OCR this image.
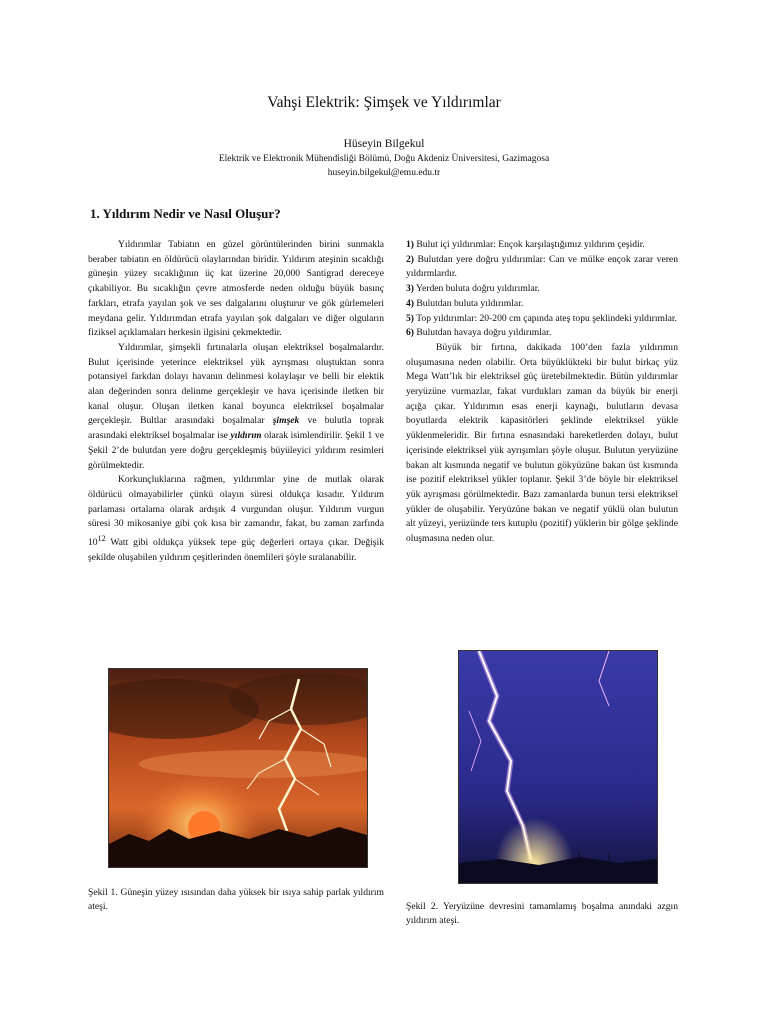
Vahşi Elektrik: Şimşek ve Yıldırımlar
Hüseyin Bilgekul
Elektrik ve Elektronik Mühendisliği Bölümü, Doğu Akdeniz Üniversitesi, Gazimagosa
huseyin.bilgekul@emu.edu.tr
1. Yıldırım Nedir ve Nasıl Oluşur?

Yıldırımlar Tabiatın en güzel görüntülerinden birini sunmakla beraber tabiatın en öldürücü olaylarından biridir. Yıldırım ateşinin sıcaklığı güneşin yüzey sıcaklığının üç kat üzerine 20,000 Santigrad dereceye çıkabiliyor. Bu sıcaklığın çevre atmosferde neden olduğu büyük basınç farkları, etrafa yayılan şok ve ses dalgalarını oluşturur ve gök gürlemeleri meydana gelir. Yıldırımdan etrafa yayılan şok dalgaları ve diğer olguların fiziksel açıklamaları herkesin ilgisini çekmektedir.

Yıldırımlar, şimşekli fırtınalarla oluşan elektriksel boşalmalardır. Bulut içerisinde yeterince elektriksel yük ayrışması oluştuktan sonra potansiyel farkdan dolayı havanın delinmesi kolaylaşır ve belli bir elektik alan değerinden sonra delinme gerçekleşir ve hava içerisinde iletken bir kanal oluşur. Oluşan iletken kanal boyunca elektriksel boşalmalar gerçekleşir. Bultlar arasındaki boşalmalar şimşek ve bulutla toprak arasındaki elektriksel boşalmalar ise yıldırım olarak isimlendirilir. Şekil 1 ve Şekil 2’de bulutdan yere doğru gerçekleşmiş büyüleyici yıldırım resimleri görülmektedir.

Korkunçluklarına rağmen, yıldırımlar yine de mutlak olarak öldürücü olmayabilirler çünkü olayın süresi oldukça kısadır. Yıldırım parlaması ortalama olarak ardışık 4 vurgundan oluşur. Yıldırım vurgun süresi 30 mikosaniye gibi çok kısa bir zamandır, fakat, bu zaman zarfında $10^{12}$ Watt gibi oldukça yüksek tepe güç değerleri ortaya çıkar. Değişik şekilde oluşabilen yıldırım çeşitlerinden önemlileri şöyle sıralanabilir.

1) Bulut içi yıldırımlar: Ençok karşılaştığımız yıldırım çeşidir.
2) Bulutdan yere doğru yıldırımlar: Can ve mülke ençok zarar veren yıldırmlardır.
3) Yerden buluta doğru yıldırımlar.
4) Bulutdan buluta yıldırımlar.
5) Top yıldırımlar: 20-200 cm çapında ateş topu şeklindeki yıldırımlar.
6) Bulutdan havaya doğru yıldırımlar.

Büyük bir fırtına, dakikada 100’den fazla yıldırımın oluşumasına neden olabilir. Orta büyüklükteki bir bulut birkaç yüz Mega Watt’lık bir elektriksel güç üretebilmektedir. Bütün yıldırımlar yeryüzüne vurmazlar, fakat vurdukları zaman da büyük bir enerji açığa çıkar. Yıldırımın esas enerji kaynağı, bulutların devasa boyutlarda elektrik kapasitörleri şeklinde elektriksel yükle yüklenmeleridir. Bir fırtına esnasındaki hareketlerden dolayı, bulut içerisinde elektriksel yük ayrışımları şöyle oluşur. Bulutun yeryüzüne bakan alt kısmında negatif ve bulutun gökyüzüne bakan üst kısmında ise pozitif elektriksel yükler toplanır. Şekil 3’de böyle bir elektriksel yük ayrışması görülmektedir. Bazı zamanlarda bunun tersi elektriksel yükler de oluşabilir. Yeryüzüne bakan ve negatif yüklü olan bulutun alt yüzeyi, yerüzünde ters kutuplu (pozitif) yüklerin bir gölge şeklinde oluşmasına neden olur.

Şekil 1. Güneşin yüzey ısısından daha yüksek bir ısıya sahip parlak yıldırım ateşi.	Şekil 2. Yeryüzüne devresini tamamlamış boşalma anındaki azgın yıldırım ateşi.
